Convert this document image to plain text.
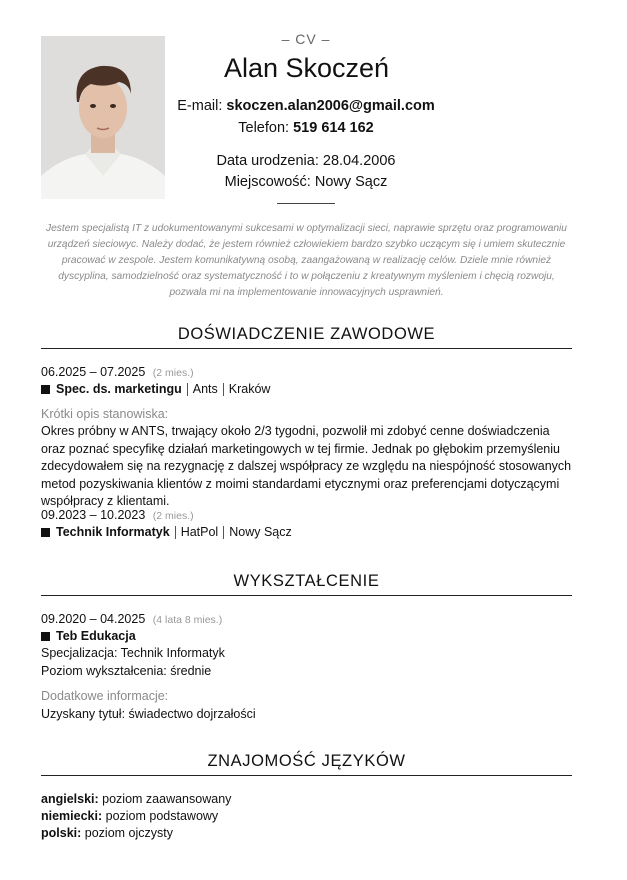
– CV –
Alan Skoczeń
E-mail: skoczen.alan2006@gmail.com
Telefon: 519 614 162
Data urodzenia: 28.04.2006
Miejscowość: Nowy Sącz
Jestem specjalistą IT z udokumentowanymi sukcesami w optymalizacji sieci, naprawie sprzętu oraz programowaniu urządzeń sieciowyc. Należy dodać, że jestem również człowiekiem bardzo szybko uczącym się i umiem skutecznie pracować w zespole. Jestem komunikatywną osobą, zaangażowaną w realizację celów. Dziele mnie również dyscyplina, samodzielność oraz systematyczność i to w połączeniu z kreatywnym myśleniem i chęcią rozwoju, pozwala mi na implementowanie innowacyjnych usprawnień.
DOŚWIADCZENIE ZAWODOWE
06.2025 – 07.2025 (2 mies.)
Spec. ds. marketingu Ants Kraków
Krótki opis stanowiska:
Okres próbny w ANTS, trwający około 2/3 tygodni, pozwolił mi zdobyć cenne doświadczenia oraz poznać specyfikę działań marketingowych w tej firmie. Jednak po głębokim przemyśleniu zdecydowałem się na rezygnację z dalszej współpracy ze względu na niespójność stosowanych metod pozyskiwania klientów z moimi standardami etycznymi oraz preferencjami dotyczącymi współpracy z klientami.
09.2023 – 10.2023 (2 mies.)
Technik Informatyk HatPol Nowy Sącz
WYKSZTAŁCENIE
09.2020 – 04.2025 (4 lata 8 mies.)
Teb Edukacja
Specjalizacja: Technik Informatyk
Poziom wykształcenia: średnie
Dodatkowe informacje:
Uzyskany tytuł: świadectwo dojrzałości
ZNAJOMOŚĆ JĘZYKÓW
angielski: poziom zaawansowany
niemiecki: poziom podstawowy
polski: poziom ojczysty
